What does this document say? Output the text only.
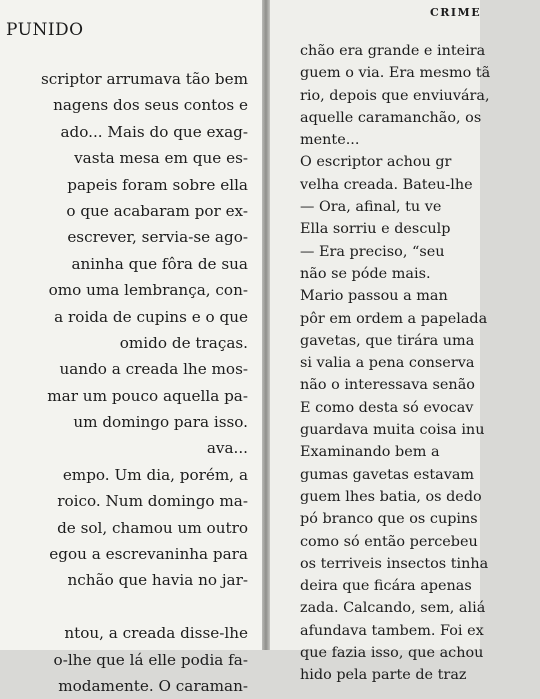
PUNIDO
scriptor arrumava tão bem
nagens dos seus contos e
ado... Mais do que exag-
vasta mesa em que es-
papeis foram sobre ella
o que acabaram por ex-
escrever, servia-se ago-
aninha que fôra de sua
omo uma lembrança, con-
a roida de cupins e o que
omido de traças.
uando a creada lhe mos-
mar um pouco aquella pa-
um domingo para isso.
ava...
empo. Um dia, porém, a
roico. Num domingo ma-
de sol, chamou um outro
egou a escrevaninha para
nchão que havia no jar-
ntou, a creada disse-lhe
o-lhe que lá elle podia fa-
modamente. O caraman-
CRIME
chão era grande e inteira
guem o via. Era mesmo tã
rio, depois que enviuvára,
aquelle caramanchão, os
mente...
O escriptor achou gr
velha creada. Bateu-lhe
— Ora, afinal, tu ve
Ella sorriu e desculp
— Era preciso, “seu
não se póde mais.
Mario passou a man
pôr em ordem a papelada
gavetas, que tirára uma
si valia a pena conserva
não o interessava senão
E como desta só evocav
guardava muita coisa inu
Examinando bem a
gumas gavetas estavam
guem lhes batia, os dedo
pó branco que os cupins
como só então percebeu
os terriveis insectos tinha
deira que ficára apenas
zada. Calcando, sem, aliá
afundava tambem. Foi ex
que fazia isso, que achou
hido pela parte de traz
